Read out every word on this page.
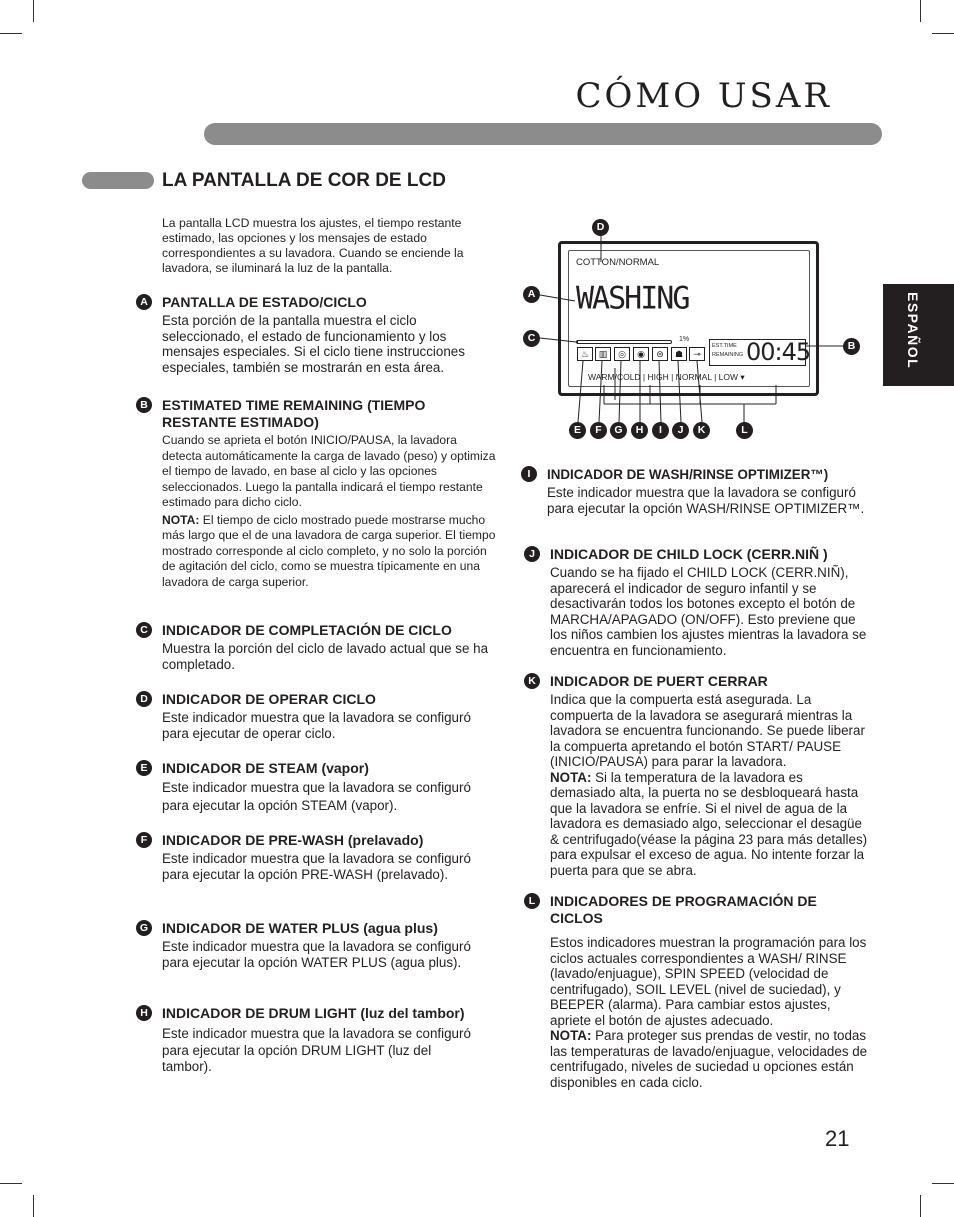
CÓMO USAR
LA PANTALLA DE COR DE LCD
ESPAÑOL
La pantalla LCD muestra los ajustes, el tiempo restante estimado, las opciones y los mensajes de estado correspondientes a su lavadora. Cuando se enciende la lavadora, se iluminará la luz de la pantalla.
A	PANTALLA DE ESTADO/CICLO
Esta porción de la pantalla muestra el ciclo seleccionado, el estado de funcionamiento y los mensajes especiales. Si el ciclo tiene instrucciones especiales, también se mostrarán en esta área.
B	ESTIMATED TIME REMAINING (TIEMPO RESTANTE ESTIMADO)
Cuando se aprieta el botón INICIO/PAUSA, la lavadora detecta automáticamente la carga de lavado (peso) y optimiza el tiempo de lavado, en base al ciclo y las opciones seleccionados. Luego la pantalla indicará el tiempo restante estimado para dicho ciclo.
NOTA: El tiempo de ciclo mostrado puede mostrarse mucho más largo que el de una lavadora de carga superior. El tiempo mostrado corresponde al ciclo completo, y no solo la porción de agitación del ciclo, como se muestra típicamente en una lavadora de carga superior.
C	INDICADOR DE COMPLETACIÓN DE CICLO
Muestra la porción del ciclo de lavado actual que se ha completado.
D	INDICADOR DE OPERAR CICLO
Este indicador muestra que la lavadora se configuró para ejecutar de operar ciclo.
E	INDICADOR DE STEAM (vapor)
Este indicador muestra que la lavadora se configuró para ejecutar la opción STEAM (vapor).
F	INDICADOR DE PRE-WASH (prelavado)
Este indicador muestra que la lavadora se configuró para ejecutar la opción PRE-WASH (prelavado).
G INDICADOR DE WATER PLUS (agua plus)
Este indicador muestra que la lavadora se configuró para ejecutar la opción WATER PLUS (agua plus).
H	INDICADOR DE DRUM LIGHT (luz del tambor)
Este indicador muestra que la lavadora se configuró para ejecutar la opción DRUM LIGHT (luz del tambor).
COTTON/NORMAL
WASHING
1%
EST.TIME
REMAINING 00:45
♨	▥	◎	◉	⊜	☗	⊸
WARM/COLD | HIGH | NORMAL | LOW ▾
D
A
C
B
E	F	G	H	I	J	K	L
I	INDICADOR DE WASH/RINSE OPTIMIZER™)
Este indicador muestra que la lavadora se configuró para ejecutar la opción WASH/RINSE OPTIMIZER™.
J	INDICADOR DE CHILD LOCK (CERR.NIÑ )
Cuando se ha fijado el CHILD LOCK (CERR.NIÑ), aparecerá el indicador de seguro infantil y se desactivarán todos los botones excepto el botón de MARCHA/APAGADO (ON/OFF). Esto previene que los niños cambien los ajustes mientras la lavadora se encuentra en funcionamiento.
K	INDICADOR DE PUERT CERRAR
Indica que la compuerta está asegurada. La compuerta de la lavadora se asegurará mientras la lavadora se encuentra funcionando. Se puede liberar la compuerta apretando el botón START/ PAUSE (INICIO/PAUSA) para parar la lavadora.
NOTA: Si la temperatura de la lavadora es demasiado alta, la puerta no se desbloqueará hasta que la lavadora se enfríe. Si el nivel de agua de la lavadora es demasiado algo, seleccionar el desagüe & centrifugado(véase la página 23 para más detalles) para expulsar el exceso de agua. No intente forzar la puerta para que se abra.
L	INDICADORES DE PROGRAMACIÓN DE CICLOS
Estos indicadores muestran la programación para los ciclos actuales correspondientes a WASH/ RINSE (lavado/enjuague), SPIN SPEED (velocidad de centrifugado), SOIL LEVEL (nivel de suciedad), y BEEPER (alarma). Para cambiar estos ajustes, apriete el botón de ajustes adecuado.
NOTA: Para proteger sus prendas de vestir, no todas las temperaturas de lavado/enjuague, velocidades de centrifugado, niveles de suciedad u opciones están disponibles en cada ciclo.
21
